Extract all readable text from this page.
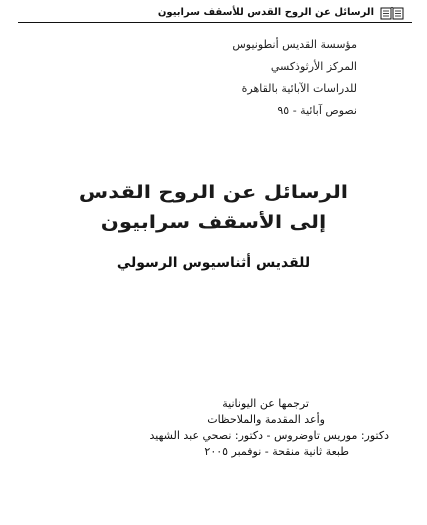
الرسائل عن الروح القدس للأسقف سرابيون
مؤسسة القديس أنطونيوس
المركز الأرثوذكسي
للدراسات الآبائية بالقاهرة
نصوص آبائية - ٩٥
الرسائل عن الروح القدس
إلى الأسقف سرابيون
للقديس أثناسيوس الرسولي
ترجمها عن اليونانية
وأعد المقدمة والملاحظات
دكتور: موريس تاوضروس - دكتور: نصحي عبد الشهيد
طبعة ثانية منقحة - نوفمبر ٢٠٠٥
